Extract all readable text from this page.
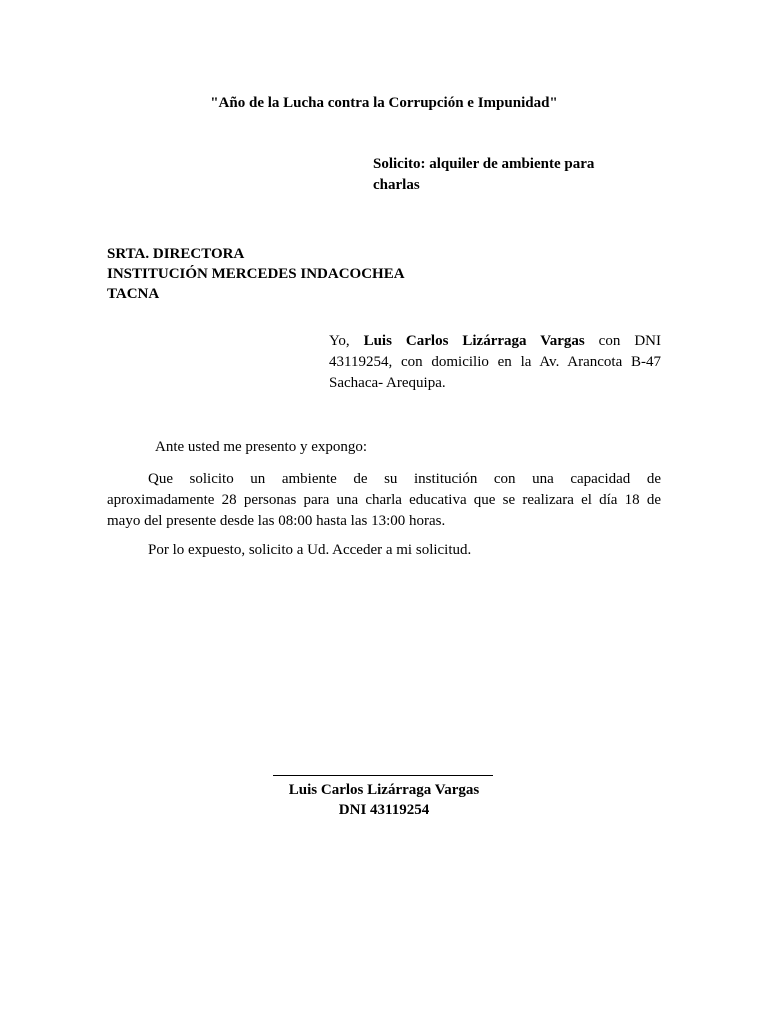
"Año de la Lucha contra la Corrupción e Impunidad"
Solicito: alquiler de ambiente para
charlas
SRTA. DIRECTORA
INSTITUCIÓN MERCEDES INDACOCHEA
TACNA
Yo, Luis Carlos Lizárraga Vargas con DNI
43119254, con domicilio en la Av. Arancota B-47
Sachaca- Arequipa.
Ante usted me presento y expongo:
Que solicito un ambiente de su institución con una capacidad de
aproximadamente 28 personas para una charla educativa que se realizara el día 18 de
mayo del presente desde las 08:00 hasta las 13:00 horas.
Por lo expuesto, solicito a Ud. Acceder a mi solicitud.
Luis Carlos Lizárraga Vargas
DNI 43119254
